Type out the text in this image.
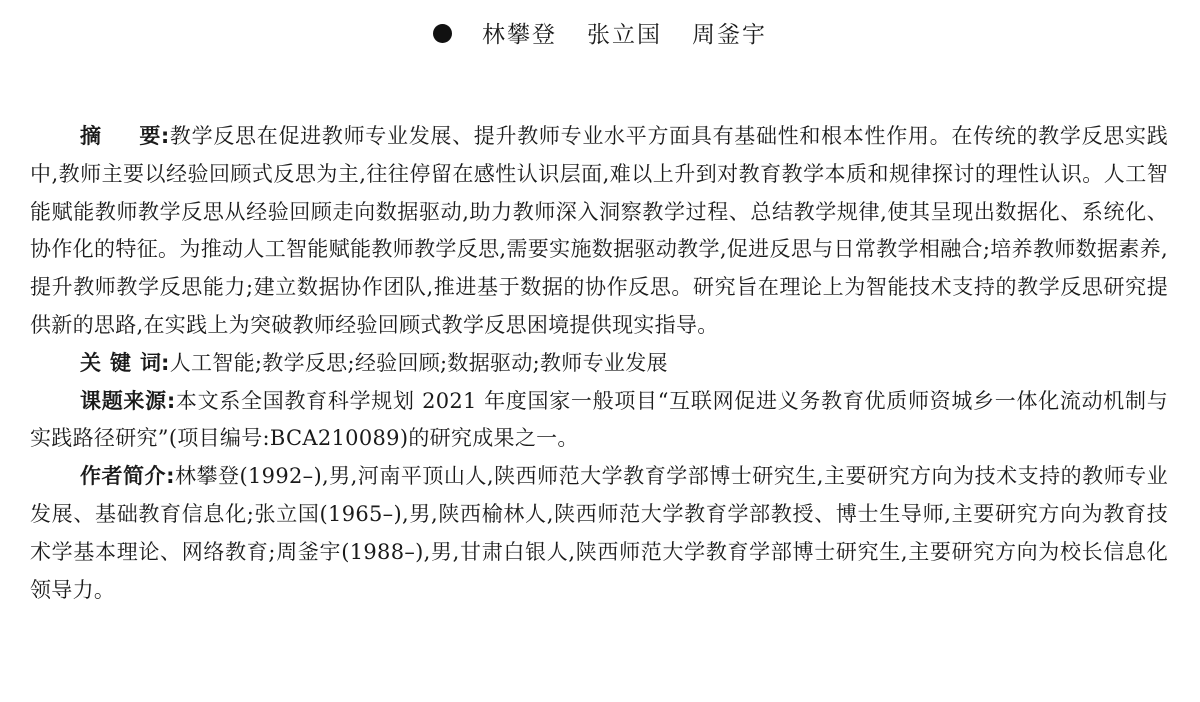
林攀登 张立国 周釜宇

摘要:教学反思在促进教师专业发展、提升教师专业水平方面具有基础性和根本性作用。在传统的教学反思实践中,教师主要以经验回顾式反思为主,往往停留在感性认识层面,难以上升到对教育教学本质和规律探讨的理性认识。人工智能赋能教师教学反思从经验回顾走向数据驱动,助力教师深入洞察教学过程、总结教学规律,使其呈现出数据化、系统化、协作化的特征。为推动人工智能赋能教师教学反思,需要实施数据驱动教学,促进反思与日常教学相融合;培养教师数据素养,提升教师教学反思能力;建立数据协作团队,推进基于数据的协作反思。研究旨在理论上为智能技术支持的教学反思研究提供新的思路,在实践上为突破教师经验回顾式教学反思困境提供现实指导。

关键词:人工智能;教学反思;经验回顾;数据驱动;教师专业发展

课题来源:本文系全国教育科学规划 2021 年度国家一般项目“互联网促进义务教育优质师资城乡一体化流动机制与实践路径研究”(项目编号:BCA210089)的研究成果之一。

作者简介:林攀登(1992–),男,河南平顶山人,陕西师范大学教育学部博士研究生,主要研究方向为技术支持的教师专业发展、基础教育信息化;张立国(1965–),男,陕西榆林人,陕西师范大学教育学部教授、博士生导师,主要研究方向为教育技术学基本理论、网络教育;周釜宇(1988–),男,甘肃白银人,陕西师范大学教育学部博士研究生,主要研究方向为校长信息化领导力。
